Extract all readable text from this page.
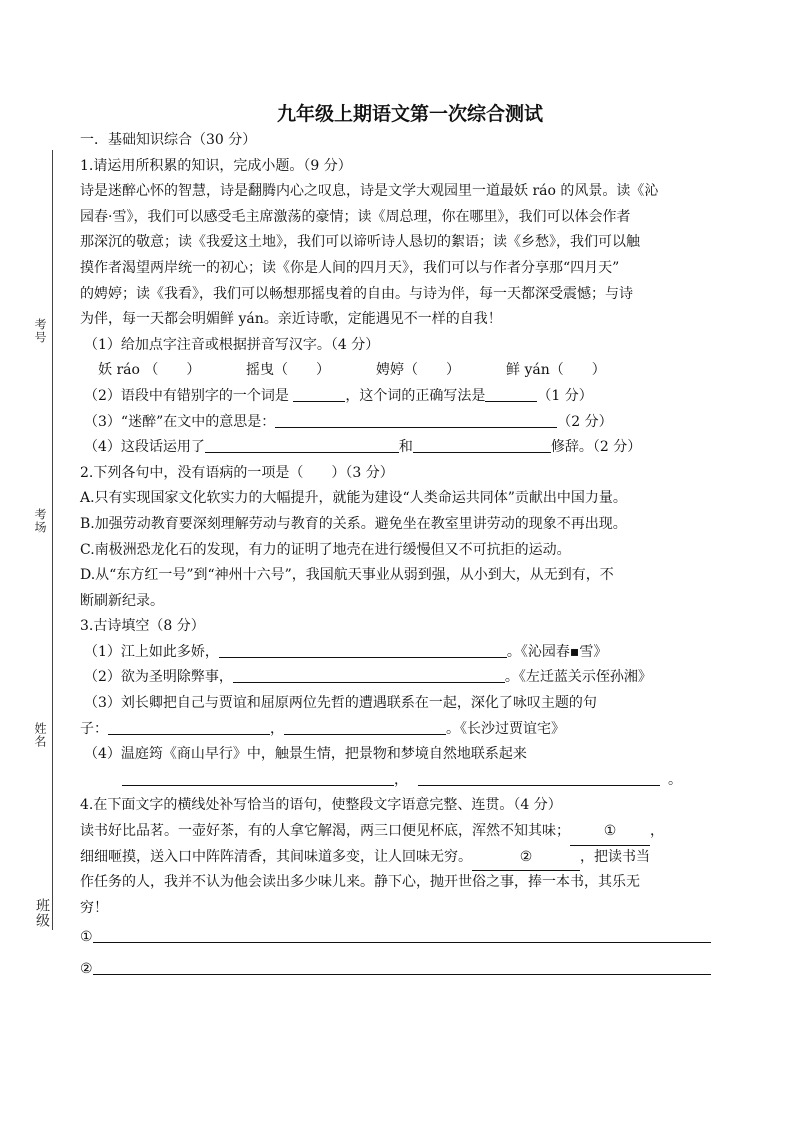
考号
考场
姓名
班级
九年级上期语文第一次综合测试
一．基础知识综合（30 分）
1.请运用所积累的知识，完成小题。（9 分）
诗是迷醉心怀的智慧，诗是翻腾内心之叹息，诗是文学大观园里一道最妖 ráo 的风景。读《沁
园春·雪》，我们可以感受毛主席激荡的豪情；读《周总理，你在哪里》，我们可以体会作者
那深沉的敬意；读《我爱这土地》，我们可以谛听诗人恳切的絮语；读《乡愁》，我们可以触
摸作者渴望两岸统一的初心；读《你是人间的四月天》，我们可以与作者分享那“四月天”
的娉婷；读《我看》，我们可以畅想那摇曳着的自由。与诗为伴，每一天都深受震憾；与诗
为伴，每一天都会明媚鲜 yán。亲近诗歌，定能遇见不一样的自我！
（1）给加点字注音或根据拼音写汉字。（4 分）
妖 ráo （　　）	摇曳（　　）	娉婷（　　）	鲜 yán（　　）
（2）语段中有错别字的一个词是	，这个词的正确写法是	（1 分）
（3）“迷醉”在文中的意思是：	（2 分）
（4）这段话运用了	和	修辞。（2 分）
2.下列各句中，没有语病的一项是（　　）（3 分）
A.只有实现国家文化软实力的大幅提升，就能为建设“人类命运共同体”贡献出中国力量。
B.加强劳动教育要深刻理解劳动与教育的关系。避免坐在教室里讲劳动的现象不再出现。
C.南极洲恐龙化石的发现，有力的证明了地壳在进行缓慢但又不可抗拒的运动。
D.从“东方红一号”到“神州十六号”，我国航天事业从弱到强，从小到大，从无到有，不
断刷新纪录。
3.古诗填空（8 分）
（1）江上如此多娇，	。《沁园春▪雪》
（2）欲为圣明除弊事，	。《左迁蓝关示侄孙湘》
（3）刘长卿把自己与贾谊和屈原两位先哲的遭遇联系在一起，深化了咏叹主题的句
子：	，	。《长沙过贾谊宅》
（4）温庭筠《商山早行》中，触景生情，把景物和梦境自然地联系起来
，	。
4.在下面文字的横线处补写恰当的语句，使整段文字语意完整、连贯。（4 分）
读书好比品茗。一壶好茶，有的人拿它解渴，两三口便见杯底，浑然不知其味； ① ，
细细咂摸，送入口中阵阵清香，其间味道多变，让人回味无穷。	②	，把读书当
作任务的人，我并不认为他会读出多少味儿来。静下心，抛开世俗之事，捧一本书，其乐无
穷！
①
②
